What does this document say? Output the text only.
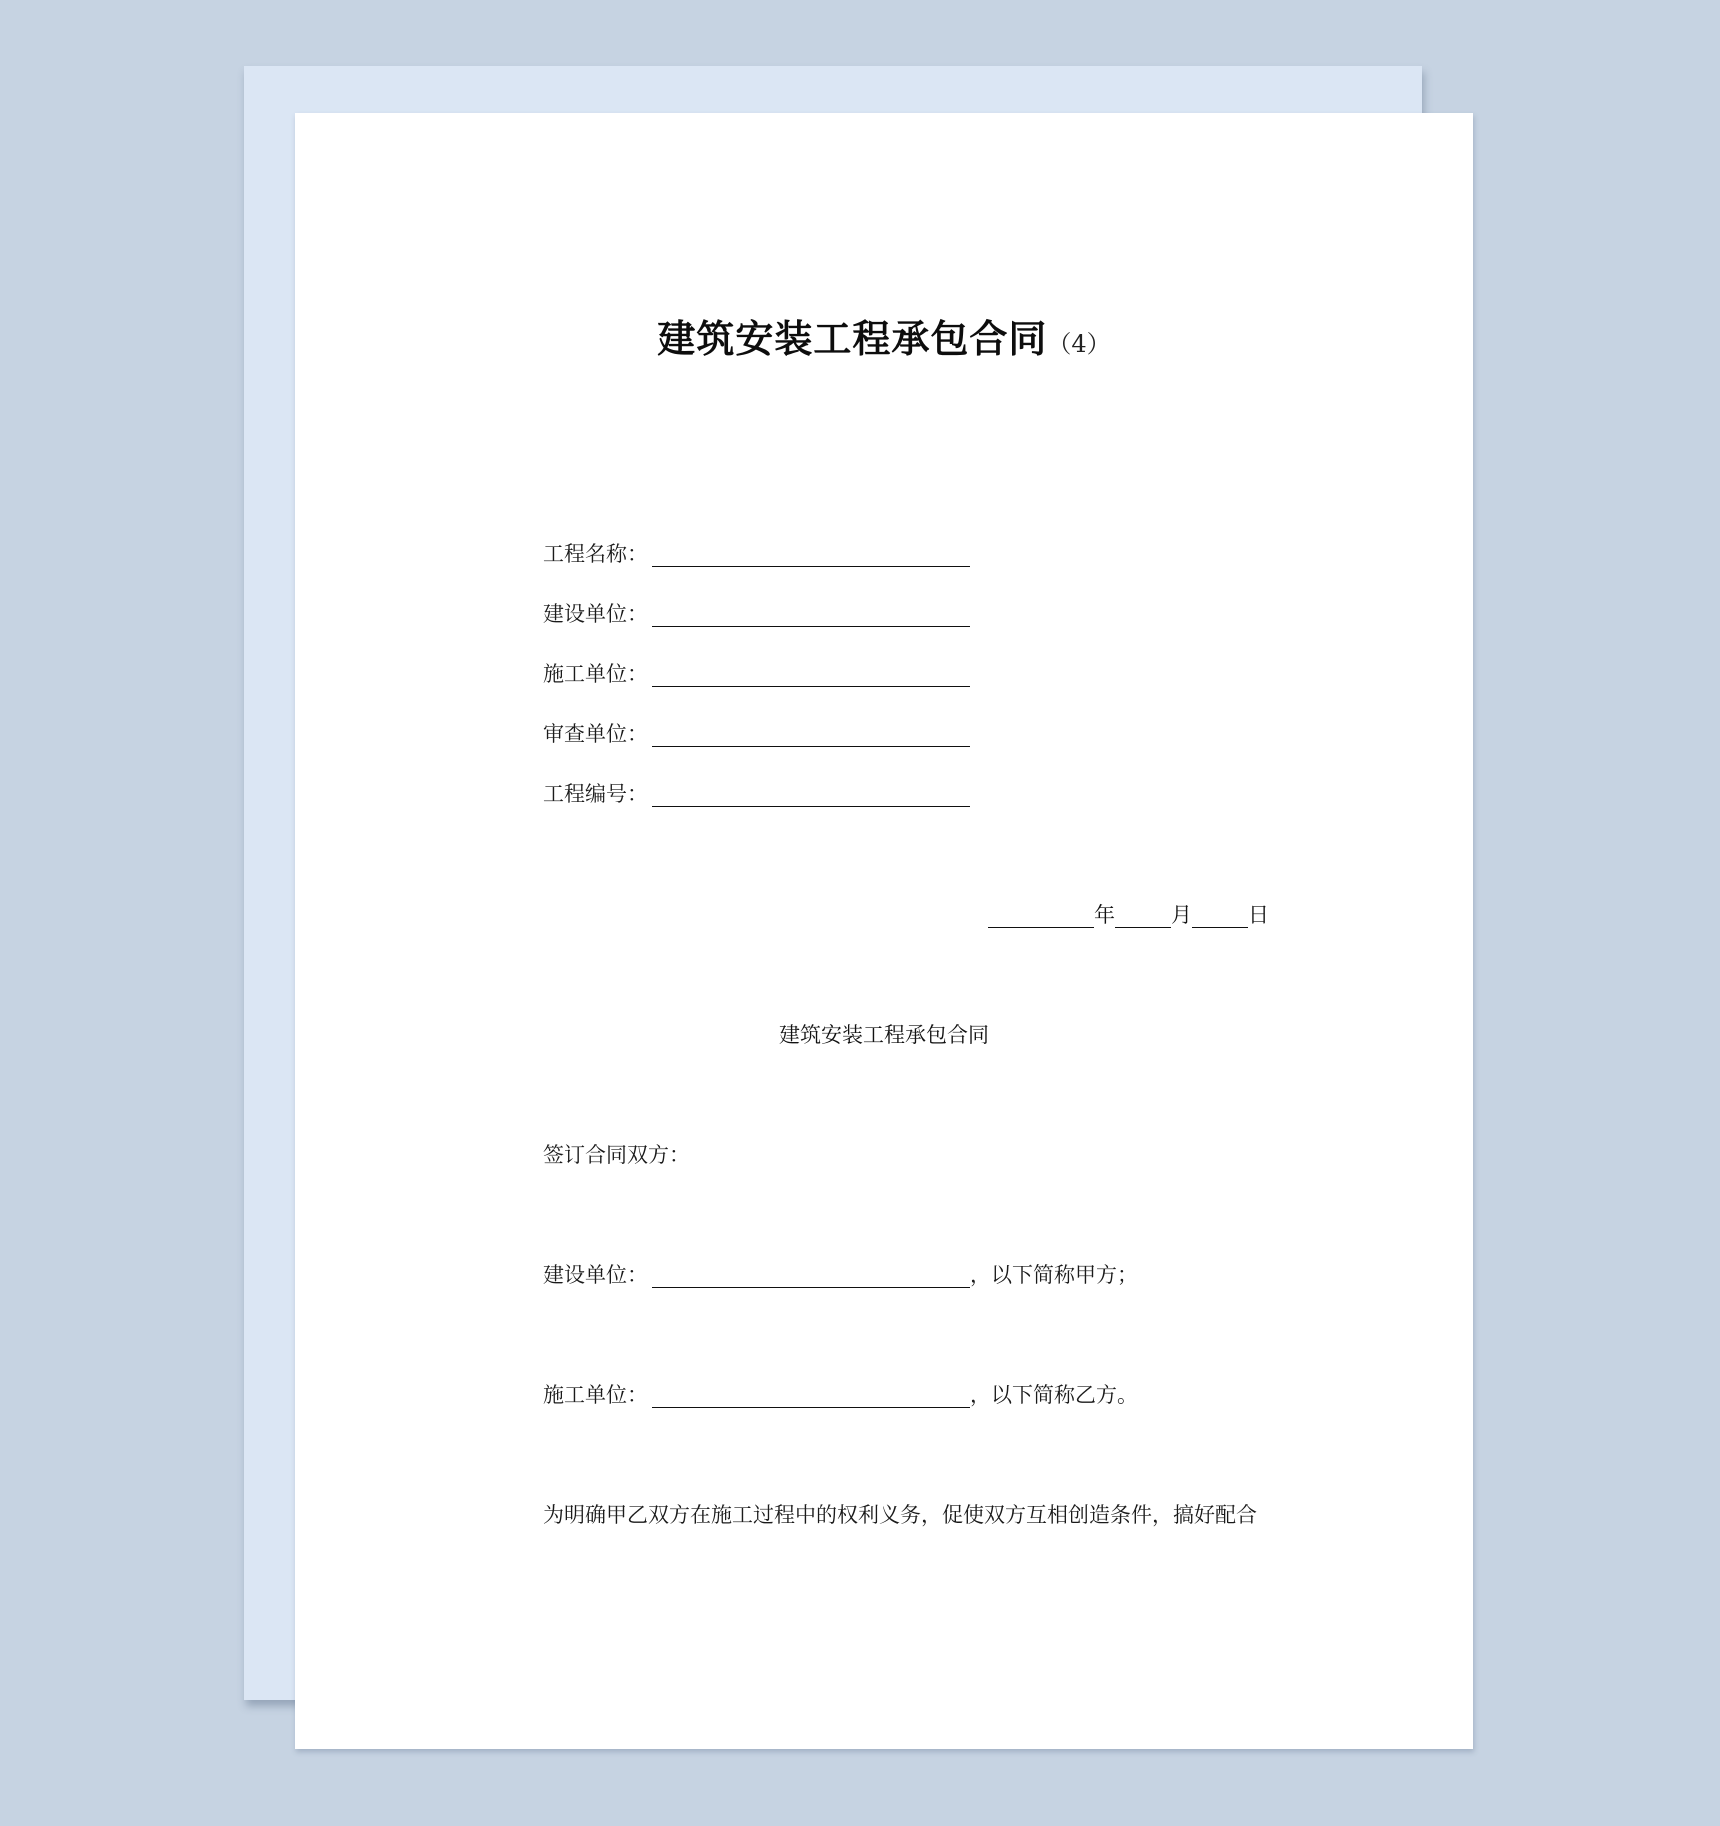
建筑安装工程承包合同（4）
工程名称：
建设单位：
施工单位：
审查单位：
工程编号：
年	月	日
建筑安装工程承包合同
签订合同双方：
建设单位：	，以下简称甲方；
施工单位：	，以下简称乙方。
为明确甲乙双方在施工过程中的权利义务，促使双方互相创造条件，搞好配合
